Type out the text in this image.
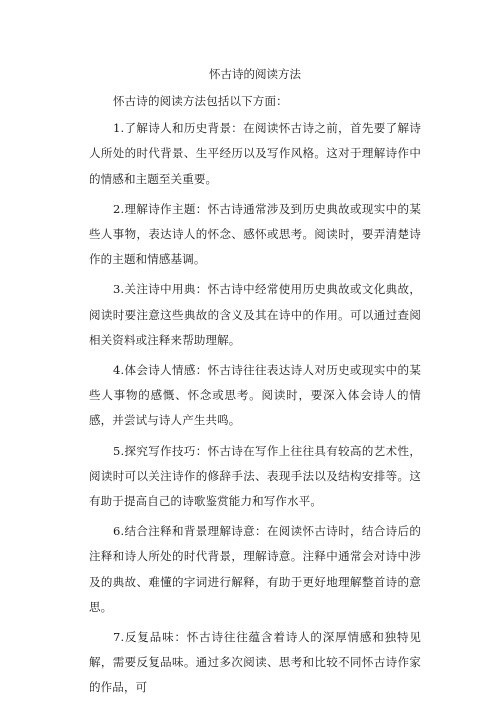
怀古诗的阅读方法

怀古诗的阅读方法包括以下方面：

1.了解诗人和历史背景：在阅读怀古诗之前，首先要了解诗人所处的时代背景、生平经历以及写作风格。这对于理解诗作中的情感和主题至关重要。

2.理解诗作主题：怀古诗通常涉及到历史典故或现实中的某些人事物，表达诗人的怀念、感怀或思考。阅读时，要弄清楚诗作的主题和情感基调。

3.关注诗中用典：怀古诗中经常使用历史典故或文化典故，阅读时要注意这些典故的含义及其在诗中的作用。可以通过查阅相关资料或注释来帮助理解。

4.体会诗人情感：怀古诗往往表达诗人对历史或现实中的某些人事物的感慨、怀念或思考。阅读时，要深入体会诗人的情感，并尝试与诗人产生共鸣。

5.探究写作技巧：怀古诗在写作上往往具有较高的艺术性，阅读时可以关注诗作的修辞手法、表现手法以及结构安排等。这有助于提高自己的诗歌鉴赏能力和写作水平。

6.结合注释和背景理解诗意：在阅读怀古诗时，结合诗后的注释和诗人所处的时代背景，理解诗意。注释中通常会对诗中涉及的典故、难懂的字词进行解释，有助于更好地理解整首诗的意思。

7.反复品味：怀古诗往往蕴含着诗人的深厚情感和独特见解，需要反复品味。通过多次阅读、思考和比较不同怀古诗作家的作品，可
